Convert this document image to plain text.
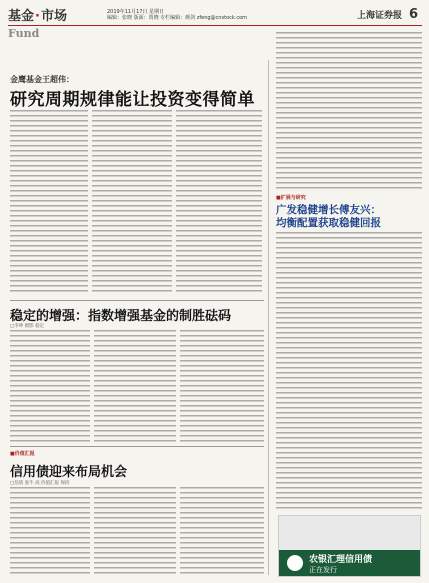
基金·市场	2019年11月17日 星期日
编辑：张晓 版面：贾晓 专栏编辑：颜剑 zfeng@cnstock.com	上海证券报 6
Fund
金鹰基金王超伟：
研究周期规律能让投资变得简单
■扩展与研究
广发稳健增长傅友兴：
均衡配置获取稳健回报
稳定的增强：指数增强基金的制胜砝码
□李坤 摄影 稳定
■价值汇报
信用债迎来布局机会
□信债 张牛 高 价值汇报 保持
农银汇理信用债
正在发行
